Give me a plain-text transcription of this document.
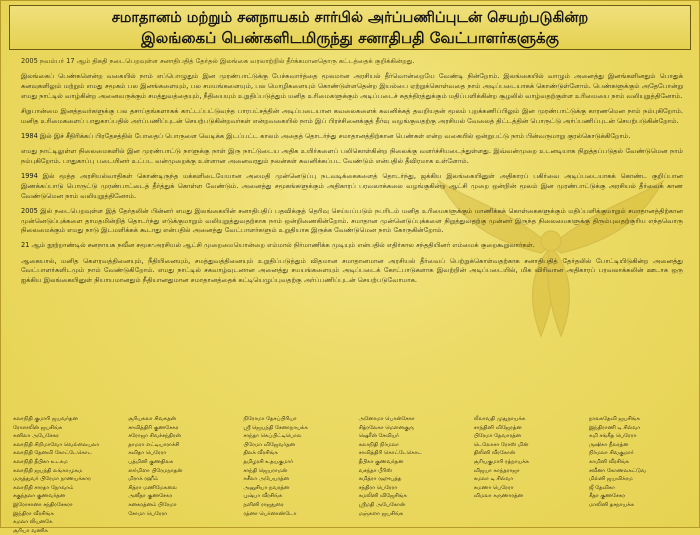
சமாதானம் மற்றும் சனநாயகம் சார்பில் அர்ப்பணிப்புடன் செயற்படுகின்ற
இலங்கைப் பெண்களிடமிருந்து சனாதிபதி வேட்பாளர்களுக்கு

2005 நவம்பர் 17 ஆம் திகதி நடைபெறவுள்ள சனாதிபதித் தேர்தல் இலங்கை வரலாற்றில் தீர்க்கமானதொரு கட்டத்தைக் குறிக்கின்றது.

இலங்கைப் பெண்களென்ற வகையில் நாம் எப்பொழுதும் இன முரண்பாட்டுக்கு பேச்சுவார்த்தை மூலமான அரசியல் தீர்வொன்றையே வேண்டி நின்றோம். இலங்கையில் வாழும் அனைத்து இனங்களினதும் பொதுக் கனவுகளிலும் மற்றும் எமது சமூகம் பல இனங்களையும், பல சமயங்களையும், பல மொழிகளையும் கொண்டுள்ளதென்ற இயல்பை ஏற்றுக்கொள்வதை நாம் அடிப்படையாகக் கொண்டுள்ளோம். பெண்களுக்கும் அதேபோன்று எமது நாட்டில் வாழ்கின்ற அனைவருக்கும் சமத்துவத்தையும், நீதியையும் உறுதிப்படுத்தும் மனித உரிமைகளுக்கும் அடிப்படைச் சுதந்திரத்துக்கும் மதிப்பளிக்கின்ற சூழலில் வாழ்வதற்குள்ள உரிமையை நாம் வலியுறுத்தினோம்.

சிறுபான்மை இனத்தவர்களுக்கு பல தசாப்தங்களாகக் காட்டப்பட்டுவந்த பாரபட்சத்தின் அடிப்படையான கவலைகளைக் கவனிக்கத் தவறியதன் மூலம் புறக்கணிப்பிலும் இன முரண்பாட்டுக்கு காரணமென நாம் நம்புகிறோம். மனித உரிமைகளைப் பாதுகாப்பதில் அர்ப்பணிப்புடன் செயற்படுகின்றவர்கள் என்றவகையில் நாம் இப் பிரச்சினைக்குத் தீர்வு வழங்குவதற்கு அரசியல் வேலைத் திட்டத்தின் பொருட்டு அர்ப்பணிப்புடன் செயற்படுகின்றோம்.

1984 இல் இச் சீதிரிக்கப் பிரதேசத்தில் போதைப் பொருளை வெடிக்க இடப்பட்ட காலம் அதைத் தொடர்ந்து சமாதானத்திற்கான பெண்கள் என்ற வகையில் ஒன்றுபட்டு நாம் பின்வருமாறு குரல்கொடுக்கிறோம்.

எமது நாட்டிலுள்ள நிலைமைகளில் இன முரண்பாட்டு நாளுக்கு நாள் இரு நாட்டுடைய அதிக உயிர்களைப் பலிகொள்கின்ற நிலைக்கு வளர்ச்சியடைந்துள்ளது. இவ்வன்முறை உடனடியாக நிறுத்தப்படுதல் வேண்டுமென நாம் நம்புகிறோம். பாதுகாப்பு படையினர் உட்பட வன்முறைக்கு உள்ளான அனைவரதும் நலன்கள் கவனிக்கப்பட வேண்டும் என்பதில் தீவிரமாக உள்ளோம்.

1994 இல் மூத்த அரசியல்வாதிகள் கொண்டிருந்த மக்களிடையேயான அமைதி முன்னெடுப்பு நடவடிக்கைகளைத் தொடர்ந்து, ஜக்கிய இலங்கையினுள் அதிகாரப் பகிர்வை அடிப்படையாகக் கொண்ட குறிப்பான இணக்கப்பாடு பொருட்டு முரண்பாட்டைத் தீர்த்துக் கொள்ள வேண்டும். அனைத்து சமூகங்களுக்கும் அதிகாரப் பரவலாக்கலை வழங்குகின்ற ஆட்சி முறை ஒன்றின் மூலம் இன முரண்பாட்டுக்கு அரசியல் தீர்வைக் காண வேண்டுமென நாம் வலியுறுத்தினோம்.

2005 இல் நடைபெறவுள்ள இத் தேர்தலின் பின்னர் எமது இலங்கையின் சனாதிபதிப் பதவிக்குத் தெரிவு செய்யப்படும் நபரிடம் மனித உரிமைகளுக்கும் மாணிக்கக் கொள்கைகளுக்கும் மதிப்பளிக்குமாறும் சமாதானத்திற்கான முன்னெடுப்புக்களை தாமதமின்றித் தொடர்ந்து எடுக்குமாறும் வலியுறுத்துவதற்காக நாம் ஒன்றிணைகின்றோம். சமாதான முன்னெடுப்புக்களை நிறுத்துவதற்கு முன்னர் இருந்த நிலைமைகளுக்கு திரும்புவதற்குரிய எந்தவொரு நிலைமைக்கும் எமது நாடு இடமளிக்கக் கூடாது என்பதில் அனைத்து வேட்பாளர்களும் உறுதியாக இருக்க வேண்டுமென நாம் கோருகின்றோம்.

21 ஆம் நூற்றாண்டில் சனநாயக நவீன சமூக-அரசியல் ஆட்சி முறைமையொன்றை எம்மால் நிர்மாணிக்க முடியும் என்பதில் எதிர்கால சந்ததியினர் எம்மைக் குறைகூறுவார்கள்.

ஆகையால், மனித கௌரவத்தினையும், நீதியினையும், சமத்துவத்தினையும் உறுதிப்படுத்தும் விதமான சமாதானமான அரசியல் தீர்வைப் பெற்றுக்கொள்வதற்காக சனாதிபதித் தேர்தலில் போட்டியிடுகின்ற அனைத்து வேட்பாளர்களிடமும் நாம் வேண்டுகிறோம். எமது நாட்டில் சகவாழ்வுடனான அனைத்து சமயங்களையும் அடிப்படைக் கோட்பாடுகளாக இவற்றின் அடிப்படையில், மிக விரிவான அதிகாரப் பரவலாக்கலின் ஊடாக ஒரு ஐக்கிய இலங்கையினுள் நியாயமானதும் நீதியானதுமான சமாதானத்தைக் கட்டியெழுப்புவதற்கு அர்ப்பணிப்புடன் செயற்படுவோமாக.

கலாநிதி குமாரி ஜயவர்தன
ரோஸலின் ஜயசிங்க
சுனிலா அபேசேகர
கலாநிதி சிறிமாவோ வெல்லையலா
கலாநிதி தேனவி கோட்டேகொட
கலாநிதி தீபிகா உடகம
கலாநிதி ஜயந்தி லங்காமுகம
மருத்துவர் பிரேமா நாணயக்கார
கலாநிதி சாரதா நோவாம்
சகுந்தலா குணவர்தன
இரோசானா சந்திரசேகரா
இந்திரா வீரசிங்க
கமலா லியனகே
சூரியா வணிக
சூரியகலா சிவசுதன்
சாவித்திரி குணசேகர
சரோஜா சிவச்சந்திரன்
தாமரா எட்டியாராச்சி
கவிதா பெரேரா
பத்மினி குணதிலக
ஸர்மிளா பிரேமநாதன்
மிராக் ரஹீம்
சித்ரா மணிமேகலை
அனீதா குணசேகர
கனகரத்னம் பிரேமா
சோமா பெரேரா
நிரோமா தேசப்பிரியா
ஸ்ரீ ஜெயந்தி சேனாநாயக்க
சாந்தா கெப்பிட்டிபொல
பிரேமா விஜேவர்தன
திலக் வீரசிங்க
தமிழரசி உதயகுமார்
சாந்தி ஜெயராமன்
சுசீலா அபேயரத்ன
அனுசியா நவரத்ன
புஷ்பா வீரசிங்க
நளினி ராஜதுரை
ரத்னா பெர்னாண்டோ
அனோமா பொன்சேகா
சித்ரலேகா மௌனகுரு
ஷெரீன் சேவியர்
கலாநிதி நிர்மலா
சாவித்திரி கொட்டேகொட
தீபிகா குணவர்தன
வசந்தா பீரிஸ்
சுமித்ரா ரஹுபத்த
சந்திரா பெரேரா
கமலினி விஜேசிங்க
ஸ்ரீமதி அபேகோன்
மஞ்சுளா ஜயசிங்க
லீலாவதி முதுநாயக்க
சாந்தினி விஜேரத்ன
பிரேமா தேவாரத்ன
டெலோசா ரோஸ் மின்
திலினி வீரகோன்
சூரியகுமாரி ரத்நாயக்க
விஜயா காந்தராஜா
கமலா டி சில்வா
சுமணா பெரேரா
விமலா கருணாரத்ன
நாலகதேவி ஜயசிங்க
இந்திராணி டி சில்வா
சுமி சங்கீத பெரேரா
ருஷிகா நீலரத்ன
நிர்மலா சிவகுமார்
காமினி வீரசிங்க
சவீனா கோணலகட்டுவ
மில்னி ஜயவிக்ரம
ஜீ தேவிகா
கீதா குணசேகர
மாலினி தசநாயக்க
